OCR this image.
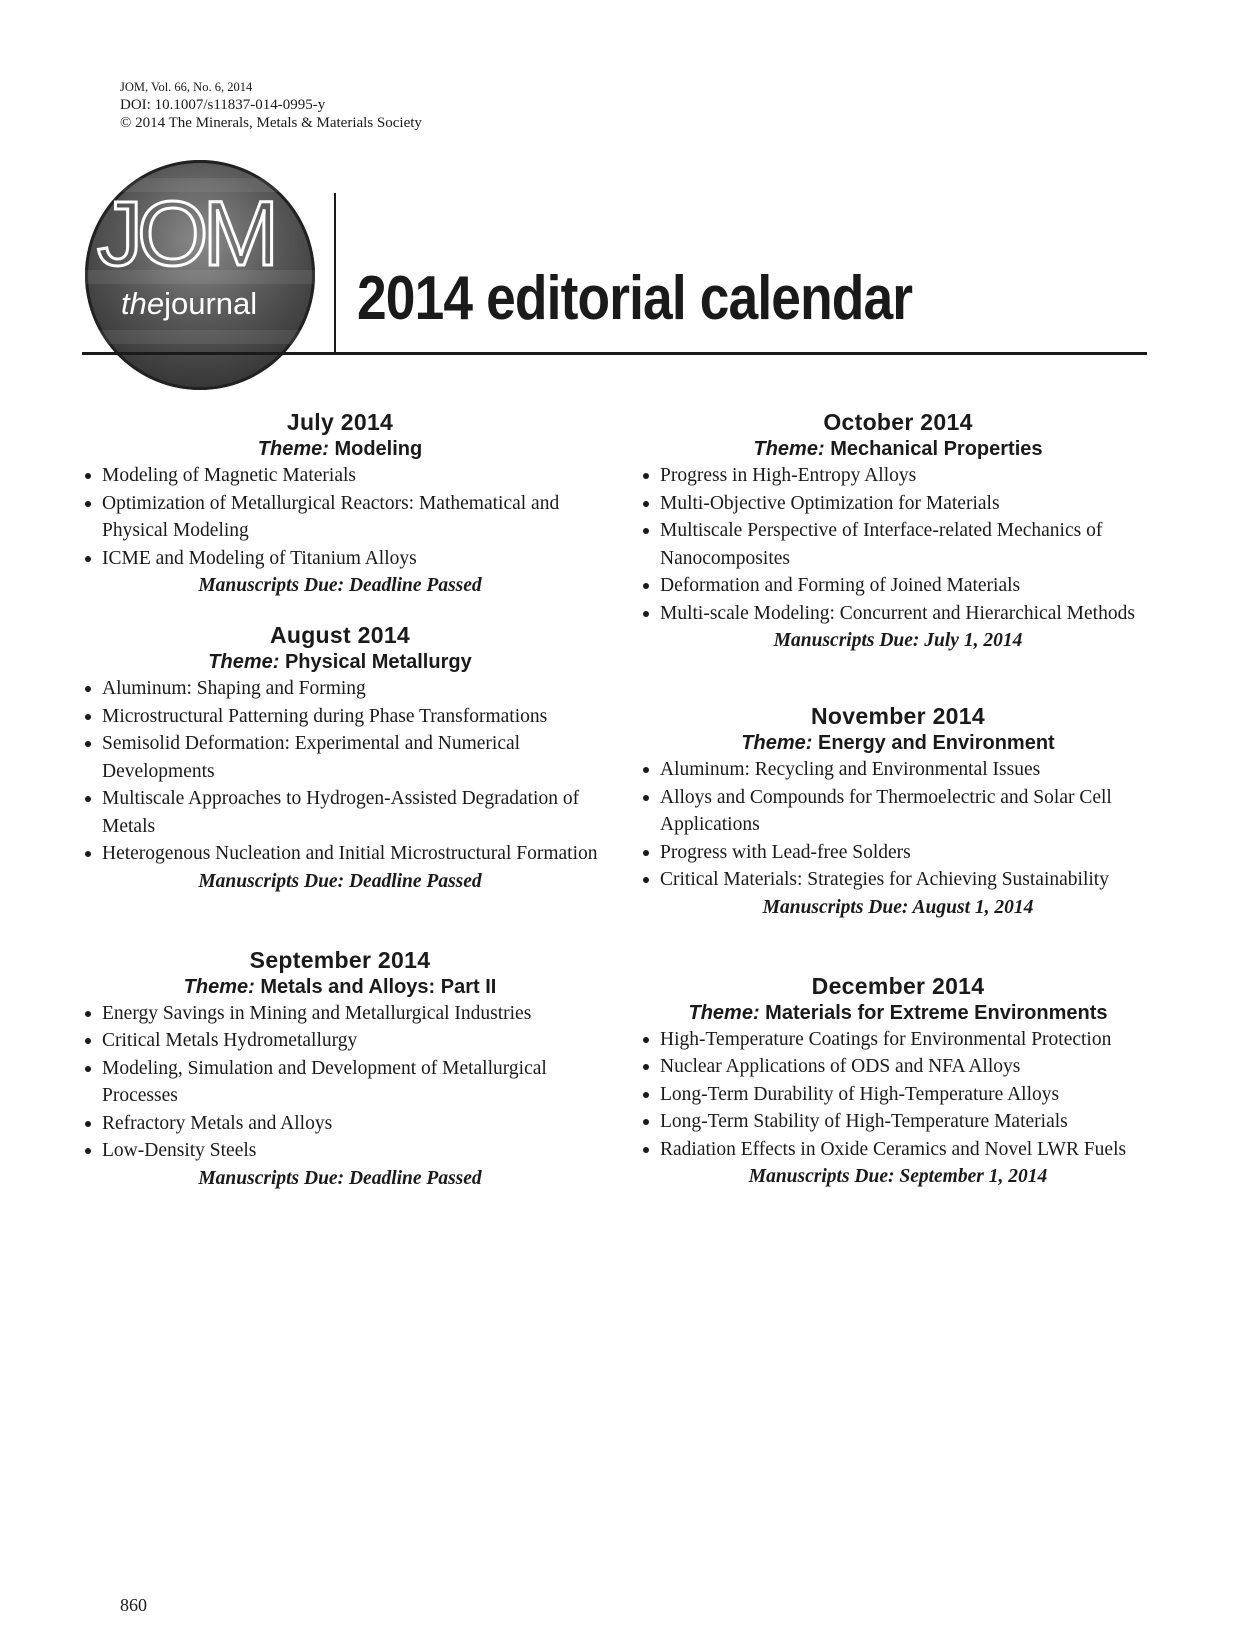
JOM, Vol. 66, No. 6, 2014
DOI: 10.1007/s11837-014-0995-y
© 2014 The Minerals, Metals & Materials Society
JOM
thejournal 2014 editorial calendar
July 2014
Theme: Modeling
Modeling of Magnetic Materials
Optimization of Metallurgical Reactors: Mathematical and Physical Modeling
ICME and Modeling of Titanium Alloys
Manuscripts Due: Deadline Passed
August 2014
Theme: Physical Metallurgy
Aluminum: Shaping and Forming
Microstructural Patterning during Phase Transformations
Semisolid Deformation: Experimental and Numerical Developments
Multiscale Approaches to Hydrogen-Assisted Degradation of Metals
Heterogenous Nucleation and Initial Microstructural Formation
Manuscripts Due: Deadline Passed
September 2014
Theme: Metals and Alloys: Part II
Energy Savings in Mining and Metallurgical Industries
Critical Metals Hydrometallurgy
Modeling, Simulation and Development of Metallurgical Processes
Refractory Metals and Alloys
Low-Density Steels
Manuscripts Due: Deadline Passed
October 2014
Theme: Mechanical Properties
Progress in High-Entropy Alloys
Multi-Objective Optimization for Materials
Multiscale Perspective of Interface-related Mechanics of Nanocomposites
Deformation and Forming of Joined Materials
Multi-scale Modeling: Concurrent and Hierarchical Methods
Manuscripts Due: July 1, 2014
November 2014
Theme: Energy and Environment
Aluminum: Recycling and Environmental Issues
Alloys and Compounds for Thermoelectric and Solar Cell Applications
Progress with Lead-free Solders
Critical Materials: Strategies for Achieving Sustainability
Manuscripts Due: August 1, 2014
December 2014
Theme: Materials for Extreme Environments
High-Temperature Coatings for Environmental Protection
Nuclear Applications of ODS and NFA Alloys
Long-Term Durability of High-Temperature Alloys
Long-Term Stability of High-Temperature Materials
Radiation Effects in Oxide Ceramics and Novel LWR Fuels
Manuscripts Due: September 1, 2014
860
